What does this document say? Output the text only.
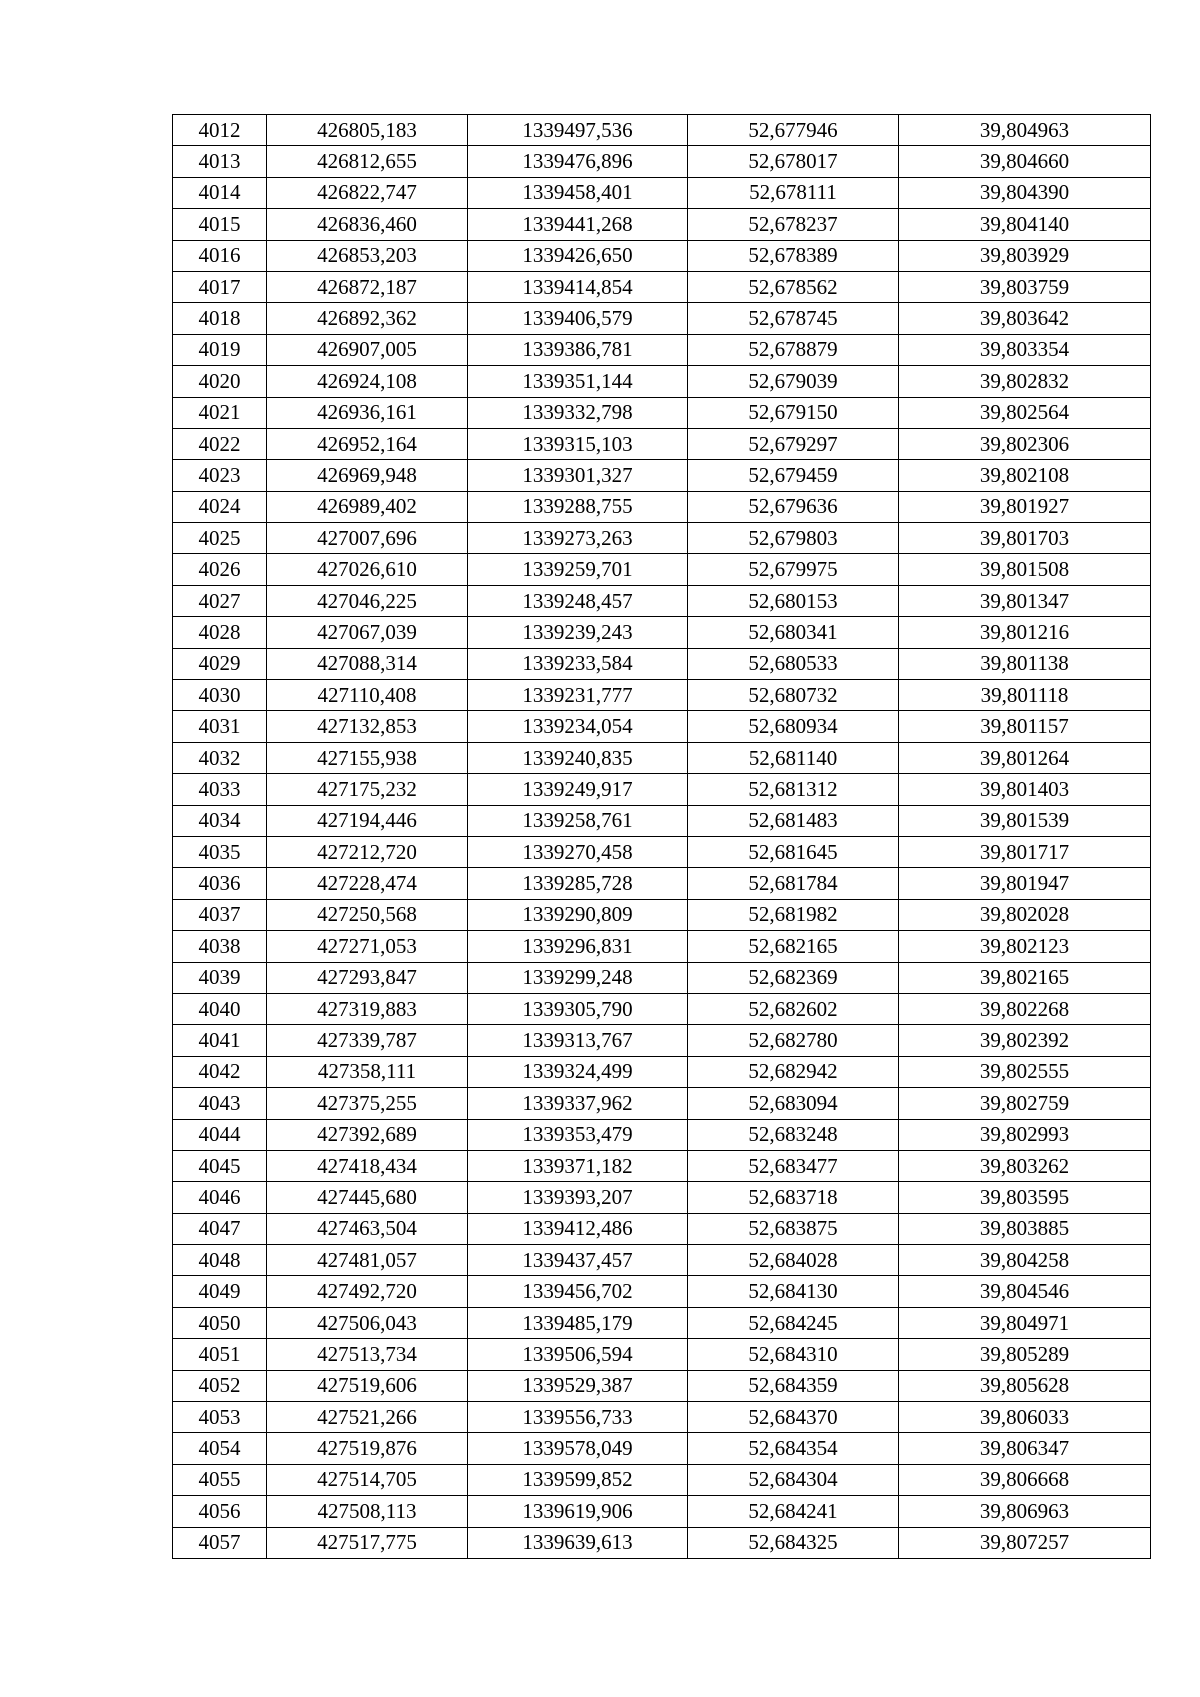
4012	426805,183	1339497,536	52,677946	39,804963
4013	426812,655	1339476,896	52,678017	39,804660
4014	426822,747	1339458,401	52,678111	39,804390
4015	426836,460	1339441,268	52,678237	39,804140
4016	426853,203	1339426,650	52,678389	39,803929
4017	426872,187	1339414,854	52,678562	39,803759
4018	426892,362	1339406,579	52,678745	39,803642
4019	426907,005	1339386,781	52,678879	39,803354
4020	426924,108	1339351,144	52,679039	39,802832
4021	426936,161	1339332,798	52,679150	39,802564
4022	426952,164	1339315,103	52,679297	39,802306
4023	426969,948	1339301,327	52,679459	39,802108
4024	426989,402	1339288,755	52,679636	39,801927
4025	427007,696	1339273,263	52,679803	39,801703
4026	427026,610	1339259,701	52,679975	39,801508
4027	427046,225	1339248,457	52,680153	39,801347
4028	427067,039	1339239,243	52,680341	39,801216
4029	427088,314	1339233,584	52,680533	39,801138
4030	427110,408	1339231,777	52,680732	39,801118
4031	427132,853	1339234,054	52,680934	39,801157
4032	427155,938	1339240,835	52,681140	39,801264
4033	427175,232	1339249,917	52,681312	39,801403
4034	427194,446	1339258,761	52,681483	39,801539
4035	427212,720	1339270,458	52,681645	39,801717
4036	427228,474	1339285,728	52,681784	39,801947
4037	427250,568	1339290,809	52,681982	39,802028
4038	427271,053	1339296,831	52,682165	39,802123
4039	427293,847	1339299,248	52,682369	39,802165
4040	427319,883	1339305,790	52,682602	39,802268
4041	427339,787	1339313,767	52,682780	39,802392
4042	427358,111	1339324,499	52,682942	39,802555
4043	427375,255	1339337,962	52,683094	39,802759
4044	427392,689	1339353,479	52,683248	39,802993
4045	427418,434	1339371,182	52,683477	39,803262
4046	427445,680	1339393,207	52,683718	39,803595
4047	427463,504	1339412,486	52,683875	39,803885
4048	427481,057	1339437,457	52,684028	39,804258
4049	427492,720	1339456,702	52,684130	39,804546
4050	427506,043	1339485,179	52,684245	39,804971
4051	427513,734	1339506,594	52,684310	39,805289
4052	427519,606	1339529,387	52,684359	39,805628
4053	427521,266	1339556,733	52,684370	39,806033
4054	427519,876	1339578,049	52,684354	39,806347
4055	427514,705	1339599,852	52,684304	39,806668
4056	427508,113	1339619,906	52,684241	39,806963
4057	427517,775	1339639,613	52,684325	39,807257
